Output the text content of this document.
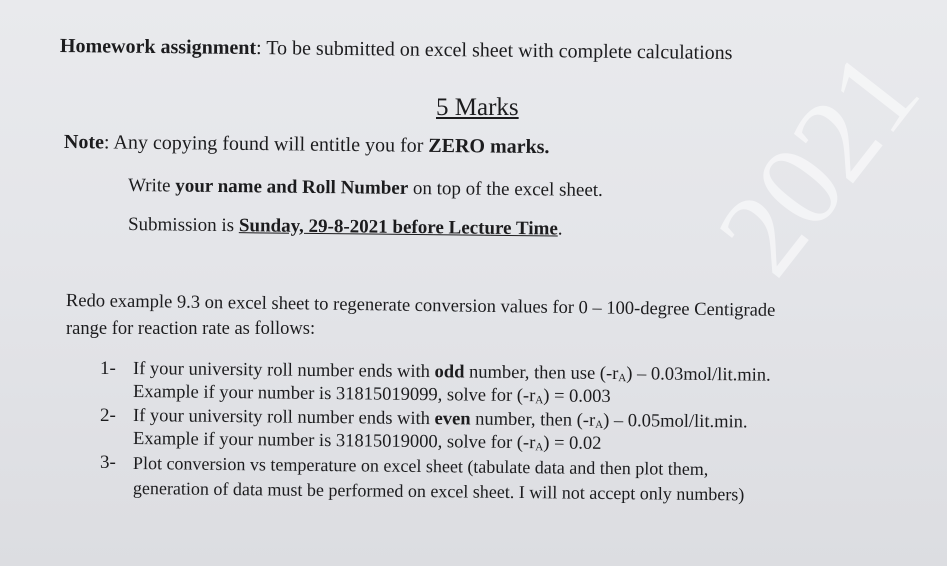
2021
Homework assignment: To be submitted on excel sheet with complete calculations
5 Marks
Note: Any copying found will entitle you for ZERO marks.
Write your name and Roll Number on top of the excel sheet.
Submission is Sunday, 29-8-2021 before Lecture Time.
Redo example 9.3 on excel sheet to regenerate conversion values for 0 – 100-degree Centigrade
range for reaction rate as follows:
1- If your university roll number ends with odd number, then use $(-r_A) - 0.03mol/lit.\min$.
Example if your number is 31815019099, solve for $(-r_A) = 0.003$
2- If your university roll number ends with even number, then $(-r_A) - 0.05mol/lit.\min$.
Example if your number is 31815019000, solve for $(-r_A) = 0.02$
3- Plot conversion vs temperature on excel sheet (tabulate data and then plot them,
generation of data must be performed on excel sheet. I will not accept only numbers)
